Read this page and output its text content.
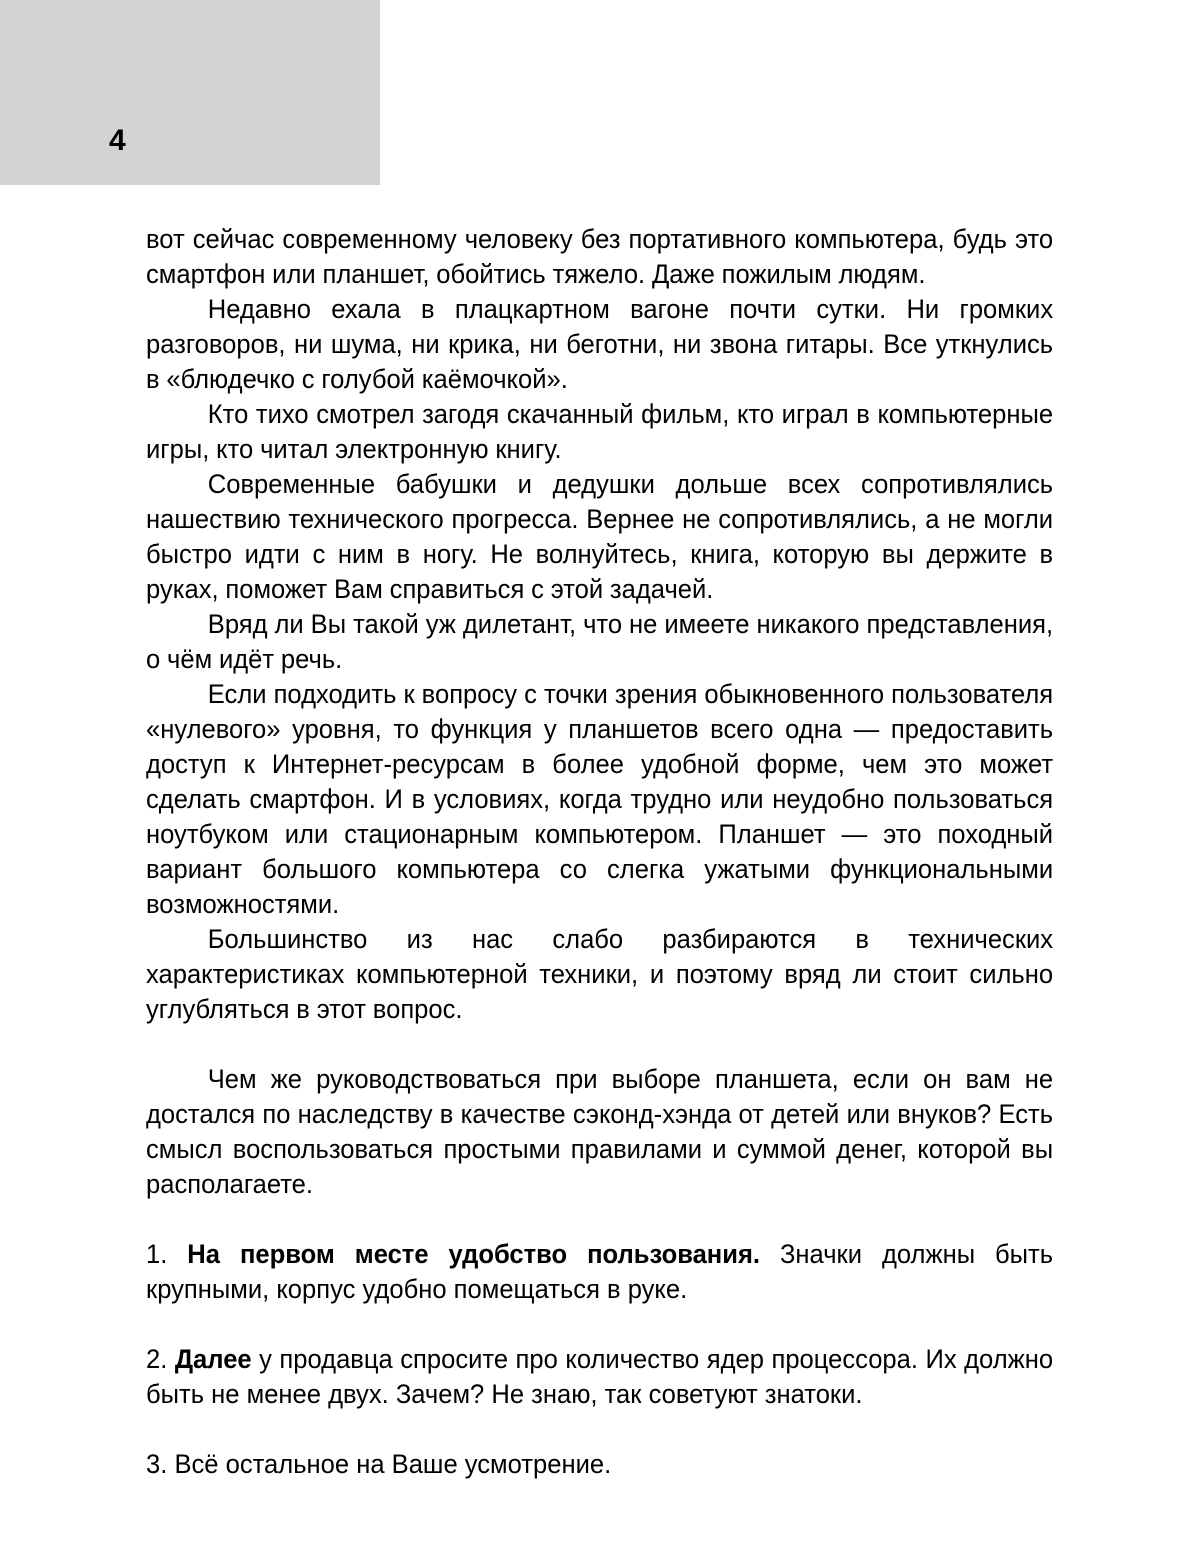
4

вот сейчас современному человеку без портативного компьютера, будь это смартфон или планшет, обойтись тяжело. Даже пожилым людям.

Недавно ехала в плацкартном вагоне почти сутки. Ни громких разговоров, ни шума, ни крика, ни беготни, ни звона гитары. Все уткнулись в «блюдечко с голубой каёмочкой».

Кто тихо смотрел загодя скачанный фильм, кто играл в компьютерные игры, кто читал электронную книгу.

Современные бабушки и дедушки дольше всех сопротивлялись нашествию технического прогресса. Вернее не сопротивлялись, а не могли быстро идти с ним в ногу. Не волнуйтесь, книга, которую вы держите в руках, поможет Вам справиться с этой задачей.

Вряд ли Вы такой уж дилетант, что не имеете никакого представления, о чём идёт речь.

Если подходить к вопросу с точки зрения обыкновенного пользователя «нулевого» уровня, то функция у планшетов всего одна — предоставить доступ к Интернет-ресурсам в более удобной форме, чем это может сделать смартфон. И в условиях, когда трудно или неудобно пользоваться ноутбуком или стационарным компьютером. Планшет — это походный вариант большого компьютера со слегка ужатыми функциональными возможностями.

Большинство из нас слабо разбираются в технических характеристиках компьютерной техники, и поэтому вряд ли стоит сильно углубляться в этот вопрос.

Чем же руководствоваться при выборе планшета, если он вам не достался по наследству в качестве сэконд-хэнда от детей или внуков? Есть смысл воспользоваться простыми правилами и суммой денег, которой вы располагаете.

1. На первом месте удобство пользования. Значки должны быть крупными, корпус удобно помещаться в руке.

2. Далее у продавца спросите про количество ядер процессора. Их должно быть не менее двух. Зачем? Не знаю, так советуют знатоки.

3. Всё остальное на Ваше усмотрение.
